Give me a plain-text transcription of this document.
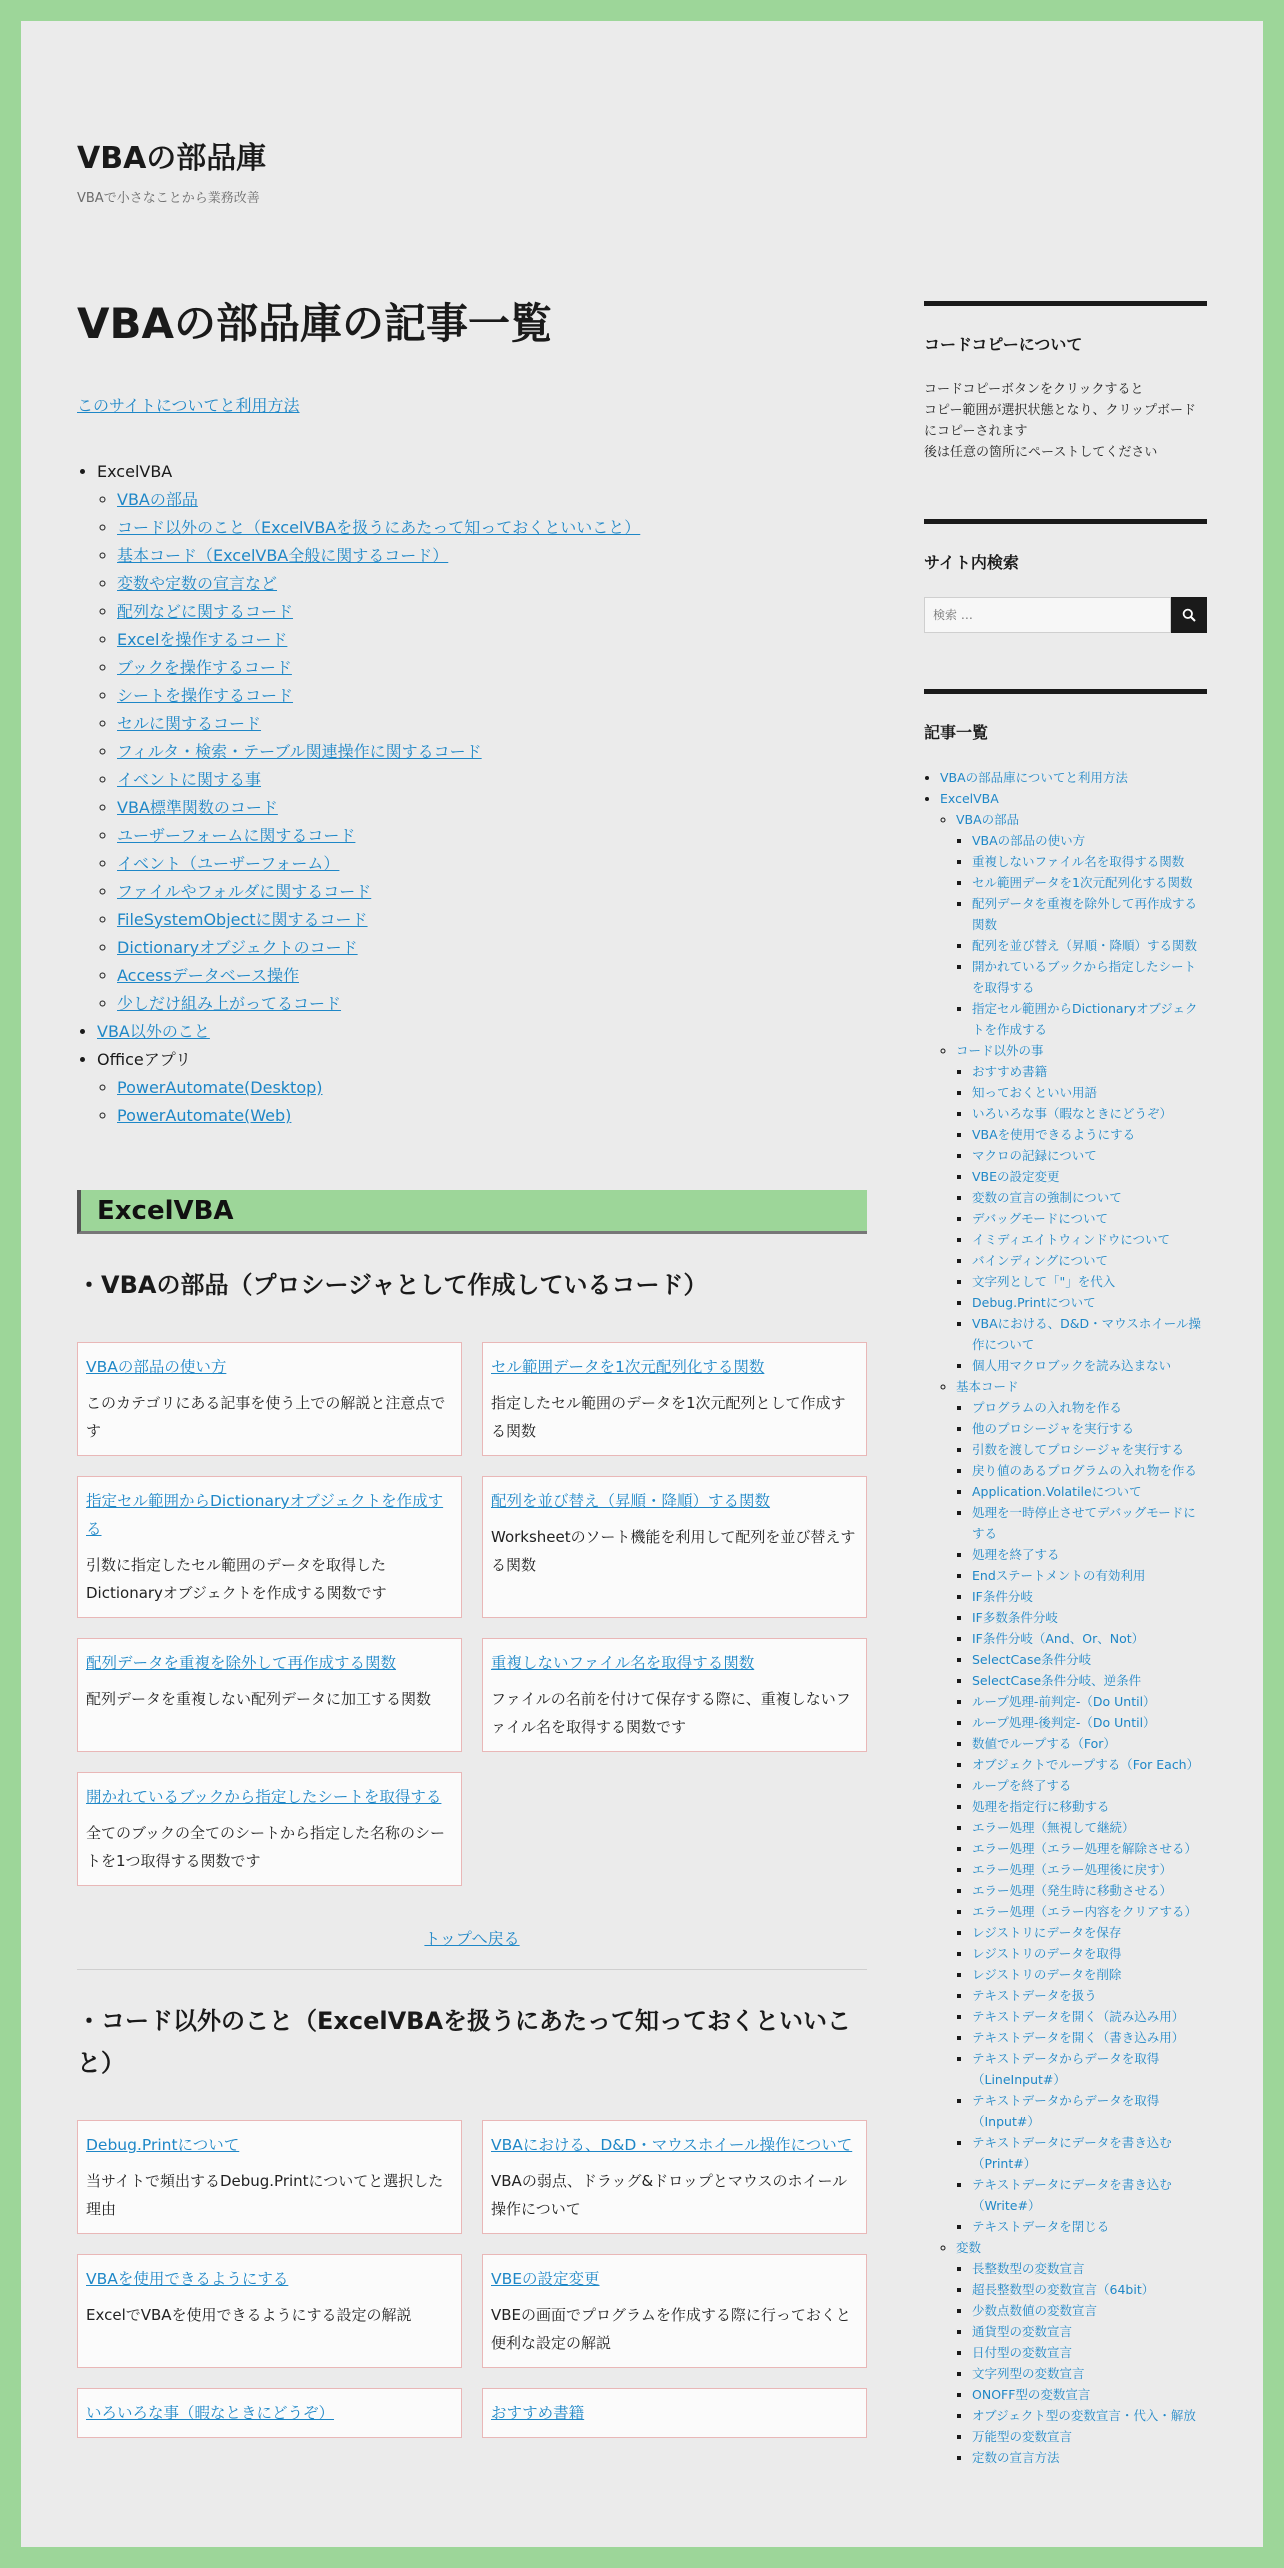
VBAの部品庫
VBAで小さなことから業務改善
VBAの部品庫の記事一覧
このサイトについてと利用方法
• ExcelVBA
◦ VBAの部品
◦ コード以外のこと（ExcelVBAを扱うにあたって知っておくといいこと）
◦ 基本コード（ExcelVBA全般に関するコード）
◦ 変数や定数の宣言など
◦ 配列などに関するコード
◦ Excelを操作するコード
◦ ブックを操作するコード
◦ シートを操作するコード
◦ セルに関するコード
◦ フィルタ・検索・テーブル関連操作に関するコード
◦ イベントに関する事
◦ VBA標準関数のコード
◦ ユーザーフォームに関するコード
◦ イベント（ユーザーフォーム）
◦ ファイルやフォルダに関するコード
◦ FileSystemObjectに関するコード
◦ Dictionaryオブジェクトのコード
◦ Accessデータベース操作
◦ 少しだけ組み上がってるコード
• VBA以外のこと
• Officeアプリ
◦ PowerAutomate(Desktop)
◦ PowerAutomate(Web)
ExcelVBA
・VBAの部品（プロシージャとして作成しているコード）
VBAの部品の使い方

このカテゴリにある記事を使う上での解説と注意点です

セル範囲データを1次元配列化する関数

指定したセル範囲のデータを1次元配列として作成する関数

指定セル範囲からDictionaryオブジェクトを作成する

引数に指定したセル範囲のデータを取得したDictionaryオブジェクトを作成する関数です

配列を並び替え（昇順・降順）する関数

Worksheetのソート機能を利用して配列を並び替えする関数

配列データを重複を除外して再作成する関数

配列データを重複しない配列データに加工する関数

重複しないファイル名を取得する関数

ファイルの名前を付けて保存する際に、重複しないファイル名を取得する関数です

開かれているブックから指定したシートを取得する

全てのブックの全てのシートから指定した名称のシートを1つ取得する関数です

トップへ戻る
・コード以外のこと（ExcelVBAを扱うにあたって知っておくといいこと）
Debug.Printについて

当サイトで頻出するDebug.Printについてと選択した理由

VBAにおける、D&D・マウスホイール操作について

VBAの弱点、ドラッグ&ドロップとマウスのホイール操作について

VBAを使用できるようにする

ExcelでVBAを使用できるようにする設定の解説

VBEの設定変更

VBEの画面でプログラムを作成する際に行っておくと便利な設定の解説

いろいろな事（暇なときにどうぞ）	おすすめ書籍
コードコピーについて
コードコピーボタンをクリックすると
コピー範囲が選択状態となり、クリップボードにコピーされます
後は任意の箇所にペーストしてください
サイト内検索
検索 …
記事一覧
• VBAの部品庫についてと利用方法
• ExcelVBA
◦ VBAの部品
▪ VBAの部品の使い方
▪ 重複しないファイル名を取得する関数
▪ セル範囲データを1次元配列化する関数
▪ 配列データを重複を除外して再作成する関数
▪ 配列を並び替え（昇順・降順）する関数
▪ 開かれているブックから指定したシートを取得する
▪ 指定セル範囲からDictionaryオブジェクトを作成する
◦ コード以外の事
▪ おすすめ書籍
▪ 知っておくといい用語
▪ いろいろな事（暇なときにどうぞ）
▪ VBAを使用できるようにする
▪ マクロの記録について
▪ VBEの設定変更
▪ 変数の宣言の強制について
▪ デバッグモードについて
▪ イミディエイトウィンドウについて
▪ バインディングについて
▪ 文字列として「"」を代入
▪ Debug.Printについて
▪ VBAにおける、D&D・マウスホイール操作について
▪ 個人用マクロブックを読み込まない
◦ 基本コード
▪ プログラムの入れ物を作る
▪ 他のプロシージャを実行する
▪ 引数を渡してプロシージャを実行する
▪ 戻り値のあるプログラムの入れ物を作る
▪ Application.Volatileについて
▪ 処理を一時停止させてデバッグモードにする
▪ 処理を終了する
▪ Endステートメントの有効利用
▪ IF条件分岐
▪ IF多数条件分岐
▪ IF条件分岐（And、Or、Not）
▪ SelectCase条件分岐
▪ SelectCase条件分岐、逆条件
▪ ループ処理-前判定-（Do Until）
▪ ループ処理-後判定-（Do Until）
▪ 数値でループする（For）
▪ オブジェクトでループする（For Each）
▪ ループを終了する
▪ 処理を指定行に移動する
▪ エラー処理（無視して継続）
▪ エラー処理（エラー処理を解除させる）
▪ エラー処理（エラー処理後に戻す）
▪ エラー処理（発生時に移動させる）
▪ エラー処理（エラー内容をクリアする）
▪ レジストリにデータを保存
▪ レジストリのデータを取得
▪ レジストリのデータを削除
▪ テキストデータを扱う
▪ テキストデータを開く（読み込み用）
▪ テキストデータを開く（書き込み用）
▪ テキストデータからデータを取得（LineInput#）
▪ テキストデータからデータを取得（Input#）
▪ テキストデータにデータを書き込む（Print#）
▪ テキストデータにデータを書き込む（Write#）
▪ テキストデータを閉じる
◦ 変数
▪ 長整数型の変数宣言
▪ 超長整数型の変数宣言（64bit）
▪ 少数点数値の変数宣言
▪ 通貨型の変数宣言
▪ 日付型の変数宣言
▪ 文字列型の変数宣言
▪ ONOFF型の変数宣言
▪ オブジェクト型の変数宣言・代入・解放
▪ 万能型の変数宣言
▪ 定数の宣言方法
